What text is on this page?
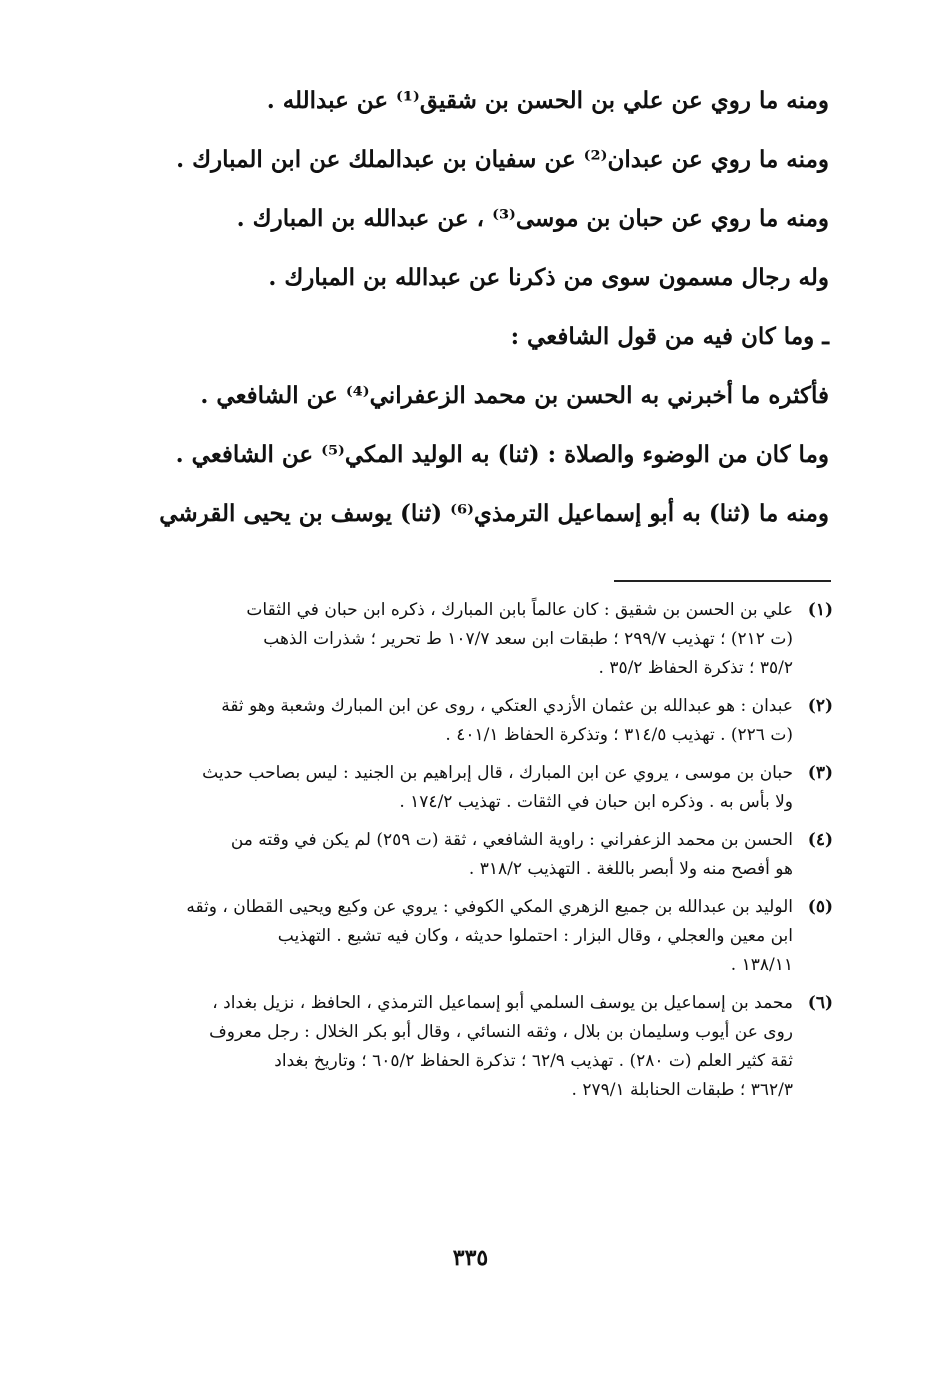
ومنه ما روي عن علي بن الحسن بن شقيق⁽¹⁾ عن عبدالله .

ومنه ما روي عن عبدان⁽²⁾ عن سفيان بن عبدالملك عن ابن المبارك .

ومنه ما روي عن حبان بن موسى⁽³⁾ ، عن عبدالله بن المبارك .

وله رجال مسمون سوى من ذكرنا عن عبدالله بن المبارك .

ـ وما كان فيه من قول الشافعي :

فأكثره ما أخبرني به الحسن بن محمد الزعفراني⁽⁴⁾ عن الشافعي .

وما كان من الوضوء والصلاة : (ثنا) به الوليد المكي⁽⁵⁾ عن الشافعي .

ومنه ما (ثنا) به أبو إسماعيل الترمذي⁽⁶⁾ (ثنا) يوسف بن يحيى القرشي

(١)
علي بن الحسن بن شقيق : كان عالماً بابن المبارك ، ذكره ابن حبان في الثقات
(ت ٢١٢) ؛ تهذيب ٢٩٩/٧ ؛ طبقات ابن سعد ١٠٧/٧ ط تحرير ؛ شذرات الذهب
٣٥/٢ ؛ تذكرة الحفاظ ٣٥/٢ .
(٢)
عبدان : هو عبدالله بن عثمان الأزدي العتكي ، روى عن ابن المبارك وشعبة وهو ثقة
(ت ٢٢٦) . تهذيب ٣١٤/٥ ؛ وتذكرة الحفاظ ٤٠١/١ .
(٣)
حبان بن موسى ، يروي عن ابن المبارك ، قال إبراهيم بن الجنيد : ليس بصاحب حديث
ولا بأس به . وذكره ابن حبان في الثقات . تهذيب ١٧٤/٢ .
(٤)
الحسن بن محمد الزعفراني : راوية الشافعي ، ثقة (ت ٢٥٩) لم يكن في وقته من
هو أفصح منه ولا أبصر باللغة . التهذيب ٣١٨/٢ .
(٥)
الوليد بن عبدالله بن جميع الزهري المكي الكوفي : يروي عن وكيع ويحيى القطان ، وثقه
ابن معين والعجلي ، وقال البزار : احتملوا حديثه ، وكان فيه تشيع . التهذيب
١٣٨/١١ .
(٦)
محمد بن إسماعيل بن يوسف السلمي أبو إسماعيل الترمذي ، الحافظ ، نزيل بغداد ،
روى عن أيوب وسليمان بن بلال ، وثقه النسائي ، وقال أبو بكر الخلال : رجل معروف
ثقة كثير العلم (ت ٢٨٠) . تهذيب ٦٢/٩ ؛ تذكرة الحفاظ ٦٠٥/٢ ؛ وتاريخ بغداد
٣٦٢/٣ ؛ طبقات الحنابلة ٢٧٩/١ .
٣٣٥
